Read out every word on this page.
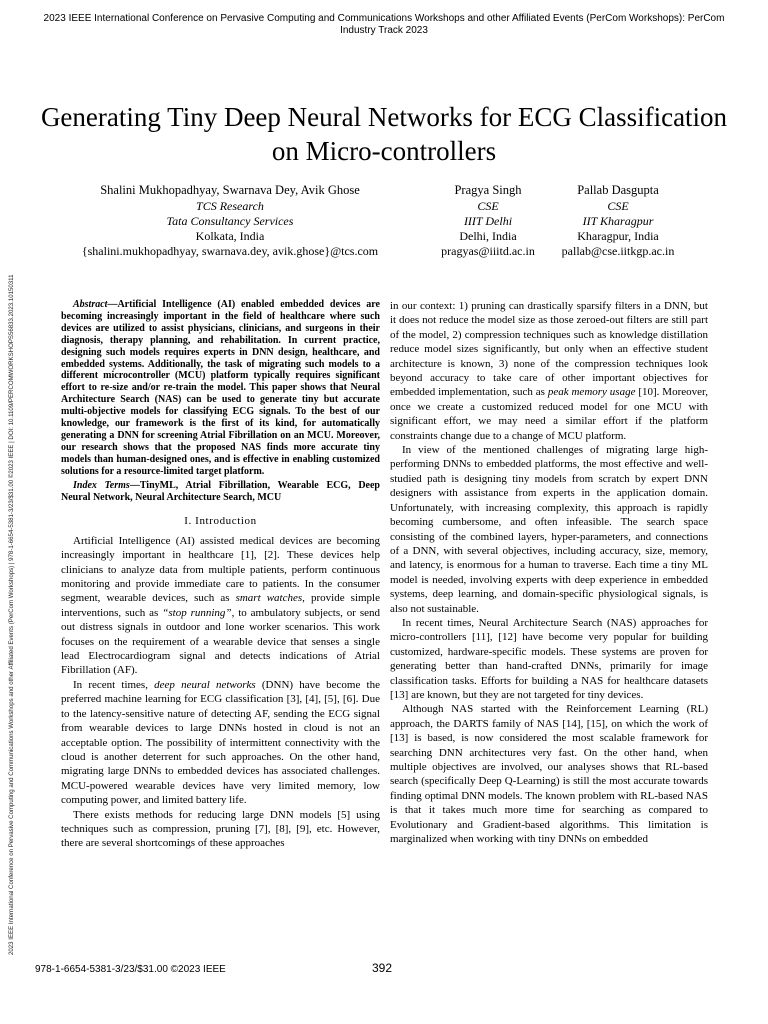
2023 IEEE International Conference on Pervasive Computing and Communications Workshops and other Affiliated Events (PerCom Workshops): PerCom Industry Track 2023
2023 IEEE International Conference on Pervasive Computing and Communications Workshops and other Affiliated Events (PerCom Workshops) | 978-1-6654-5381-3/23/$31.00 ©2023 IEEE | DOI: 10.1109/PERCOMWORKSHOPS56833.2023.10150311
Generating Tiny Deep Neural Networks for ECG Classification on Micro-controllers
Shalini Mukhopadhyay, Swarnava Dey, Avik Ghose
TCS Research
Tata Consultancy Services
Kolkata, India
{shalini.mukhopadhyay, swarnava.dey, avik.ghose}@tcs.com
Pragya Singh
CSE
IIIT Delhi
Delhi, India
pragyas@iiitd.ac.in
Pallab Dasgupta
CSE
IIT Kharagpur
Kharagpur, India
pallab@cse.iitkgp.ac.in

Abstract—Artificial Intelligence (AI) enabled embedded devices are becoming increasingly important in the field of healthcare where such devices are utilized to assist physicians, clinicians, and surgeons in their diagnosis, therapy planning, and rehabilitation. In current practice, designing such models requires experts in DNN design, healthcare, and embedded systems. Additionally, the task of migrating such models to a different microcontroller (MCU) platform typically requires significant effort to re-size and/or re-train the model. This paper shows that Neural Architecture Search (NAS) can be used to generate tiny but accurate multi-objective models for classifying ECG signals. To the best of our knowledge, our framework is the first of its kind, for automatically generating a DNN for screening Atrial Fibrillation on an MCU. Moreover, our research shows that the proposed NAS finds more accurate tiny models than human-designed ones, and is effective in enabling customized solutions for a resource-limited target platform.

Index Terms—TinyML, Atrial Fibrillation, Wearable ECG, Deep Neural Network, Neural Architecture Search, MCU

I. Introduction

Artificial Intelligence (AI) assisted medical devices are becoming increasingly important in healthcare [1], [2]. These devices help clinicians to analyze data from multiple patients, perform continuous monitoring and provide immediate care to patients. In the consumer segment, wearable devices, such as smart watches, provide simple interventions, such as “stop running”, to ambulatory subjects, or send out distress signals in outdoor and lone worker scenarios. This work focuses on the requirement of a wearable device that senses a single lead Electrocardiogram signal and detects indications of Atrial Fibrillation (AF).

In recent times, deep neural networks (DNN) have become the preferred machine learning for ECG classification [3], [4], [5], [6]. Due to the latency-sensitive nature of detecting AF, sending the ECG signal from wearable devices to large DNNs hosted in cloud is not an acceptable option. The possibility of intermittent connectivity with the cloud is another deterrent for such approaches. On the other hand, migrating large DNNs to embedded devices has associated challenges. MCU-powered wearable devices have very limited memory, low computing power, and limited battery life.

There exists methods for reducing large DNN models [5] using techniques such as compression, pruning [7], [8], [9], etc. However, there are several shortcomings of these approaches

in our context: 1) pruning can drastically sparsify filters in a DNN, but it does not reduce the model size as those zeroed-out filters are still part of the model, 2) compression techniques such as knowledge distillation reduce model sizes significantly, but only when an effective student architecture is known, 3) none of the compression techniques look beyond accuracy to take care of other important objectives for embedded implementation, such as peak memory usage [10]. Moreover, once we create a customized reduced model for one MCU with significant effort, we may need a similar effort if the platform constraints change due to a change of MCU platform.

In view of the mentioned challenges of migrating large high-performing DNNs to embedded platforms, the most effective and well-studied path is designing tiny models from scratch by expert DNN designers with assistance from experts in the application domain. Unfortunately, with increasing complexity, this approach is rapidly becoming cumbersome, and often infeasible. The search space consisting of the combined layers, hyper-parameters, and connections of a DNN, with several objectives, including accuracy, size, memory, and latency, is enormous for a human to traverse. Each time a tiny ML model is needed, involving experts with deep experience in embedded systems, deep learning, and domain-specific physiological signals, is also not sustainable.

In recent times, Neural Architecture Search (NAS) approaches for micro-controllers [11], [12] have become very popular for building customized, hardware-specific models. These systems are proven for generating better than hand-crafted DNNs, primarily for image classification tasks. Efforts for building a NAS for healthcare datasets [13] are known, but they are not targeted for tiny devices.

Although NAS started with the Reinforcement Learning (RL) approach, the DARTS family of NAS [14], [15], on which the work of [13] is based, is now considered the most scalable framework for searching DNN architectures very fast. On the other hand, when multiple objectives are involved, our analyses shows that RL-based search (specifically Deep Q-Learning) is still the most accurate towards finding optimal DNN models. The known problem with RL-based NAS is that it takes much more time for searching as compared to Evolutionary and Gradient-based algorithms. This limitation is marginalized when working with tiny DNNs on embedded

978-1-6654-5381-3/23/$31.00 ©2023 IEEE	392
